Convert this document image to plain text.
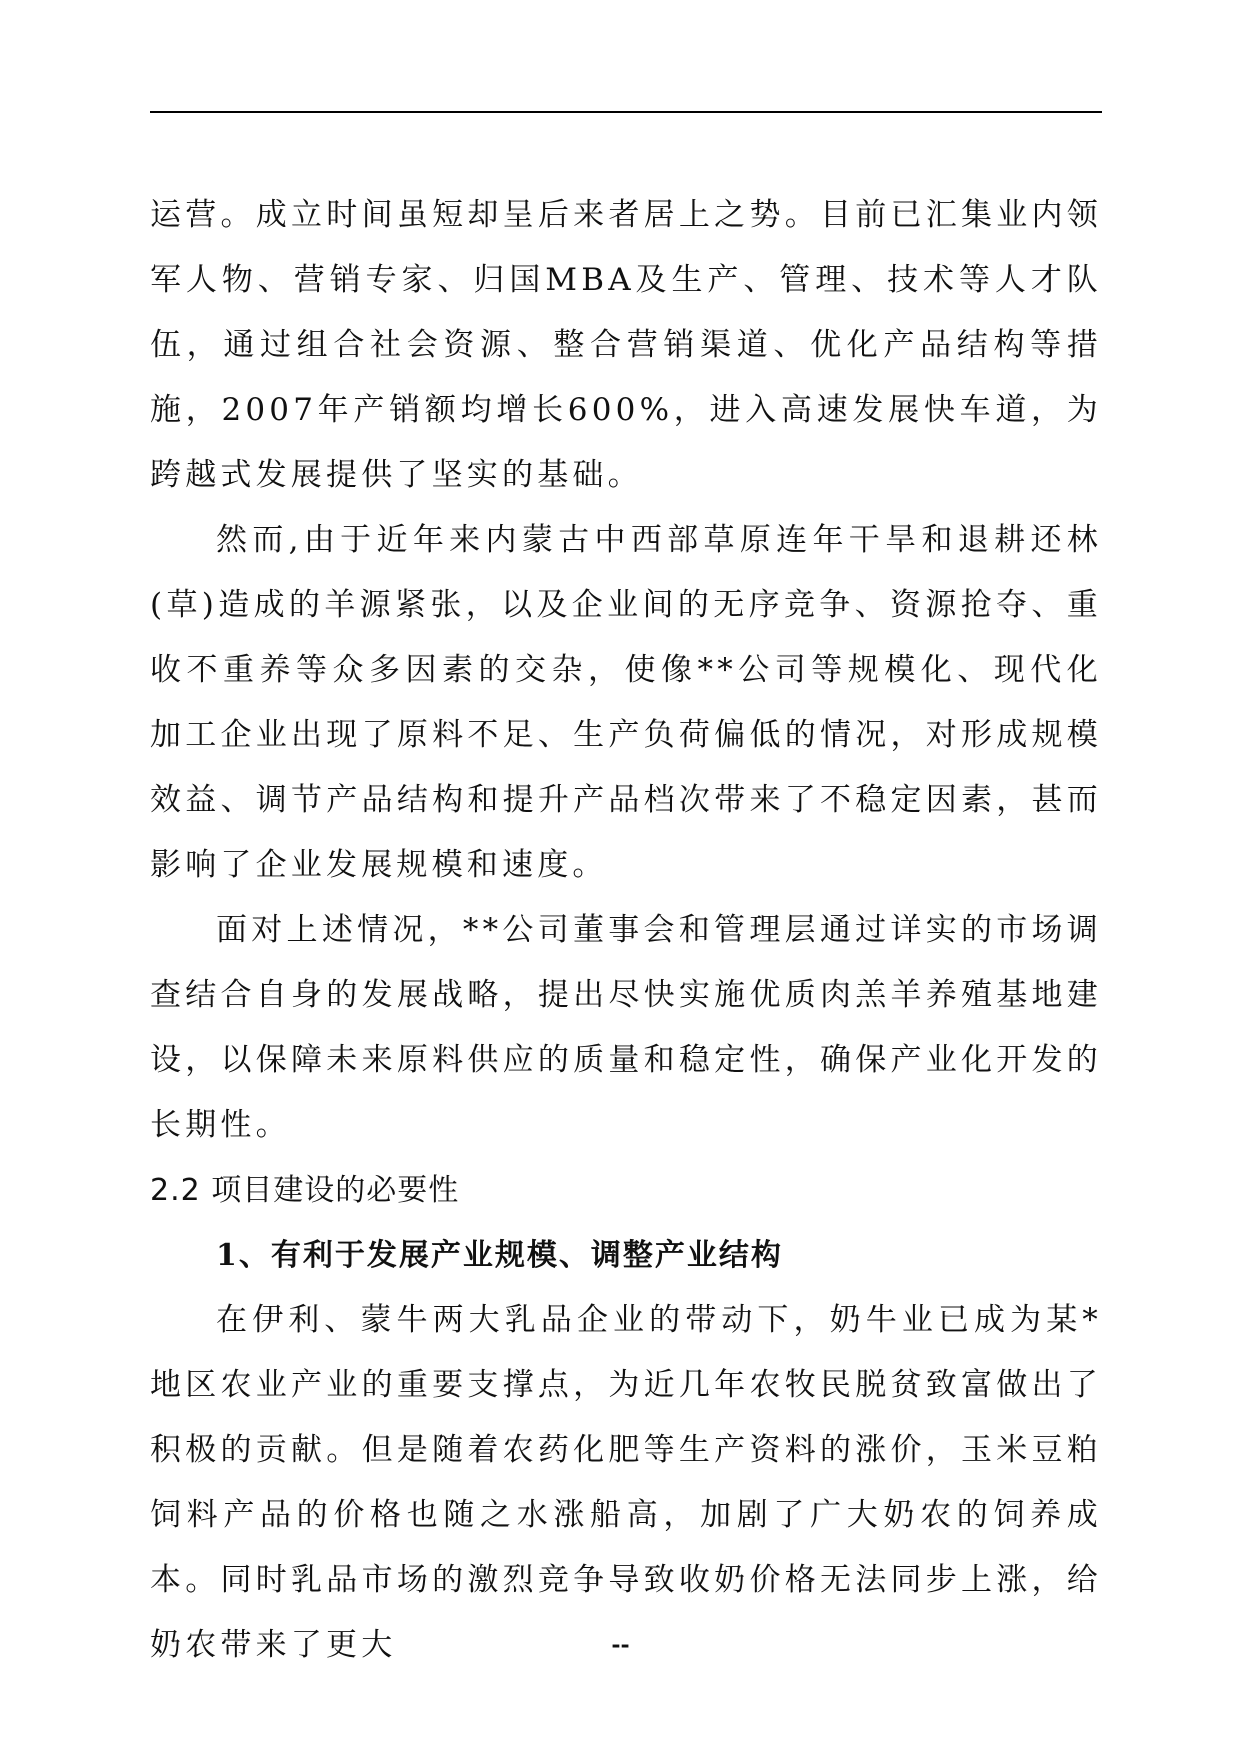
运营。成立时间虽短却呈后来者居上之势。目前已汇集业内领军人物、营销专家、归国MBA及生产、管理、技术等人才队伍，通过组合社会资源、整合营销渠道、优化产品结构等措施，2007年产销额均增长600%，进入高速发展快车道，为跨越式发展提供了坚实的基础。

然而,由于近年来内蒙古中西部草原连年干旱和退耕还林(草)造成的羊源紧张，以及企业间的无序竞争、资源抢夺、重收不重养等众多因素的交杂，使像**公司等规模化、现代化加工企业出现了原料不足、生产负荷偏低的情况，对形成规模效益、调节产品结构和提升产品档次带来了不稳定因素，甚而影响了企业发展规模和速度。

面对上述情况，**公司董事会和管理层通过详实的市场调查结合自身的发展战略，提出尽快实施优质肉羔羊养殖基地建设，以保障未来原料供应的质量和稳定性，确保产业化开发的长期性。

2.2 项目建设的必要性
1、有利于发展产业规模、调整产业结构

在伊利、蒙牛两大乳品企业的带动下，奶牛业已成为某*地区农业产业的重要支撑点，为近几年农牧民脱贫致富做出了积极的贡献。但是随着农药化肥等生产资料的涨价，玉米豆粕饲料产品的价格也随之水涨船高，加剧了广大奶农的饲养成本。同时乳品市场的激烈竞争导致收奶价格无法同步上涨，给奶农带来了更大	--
